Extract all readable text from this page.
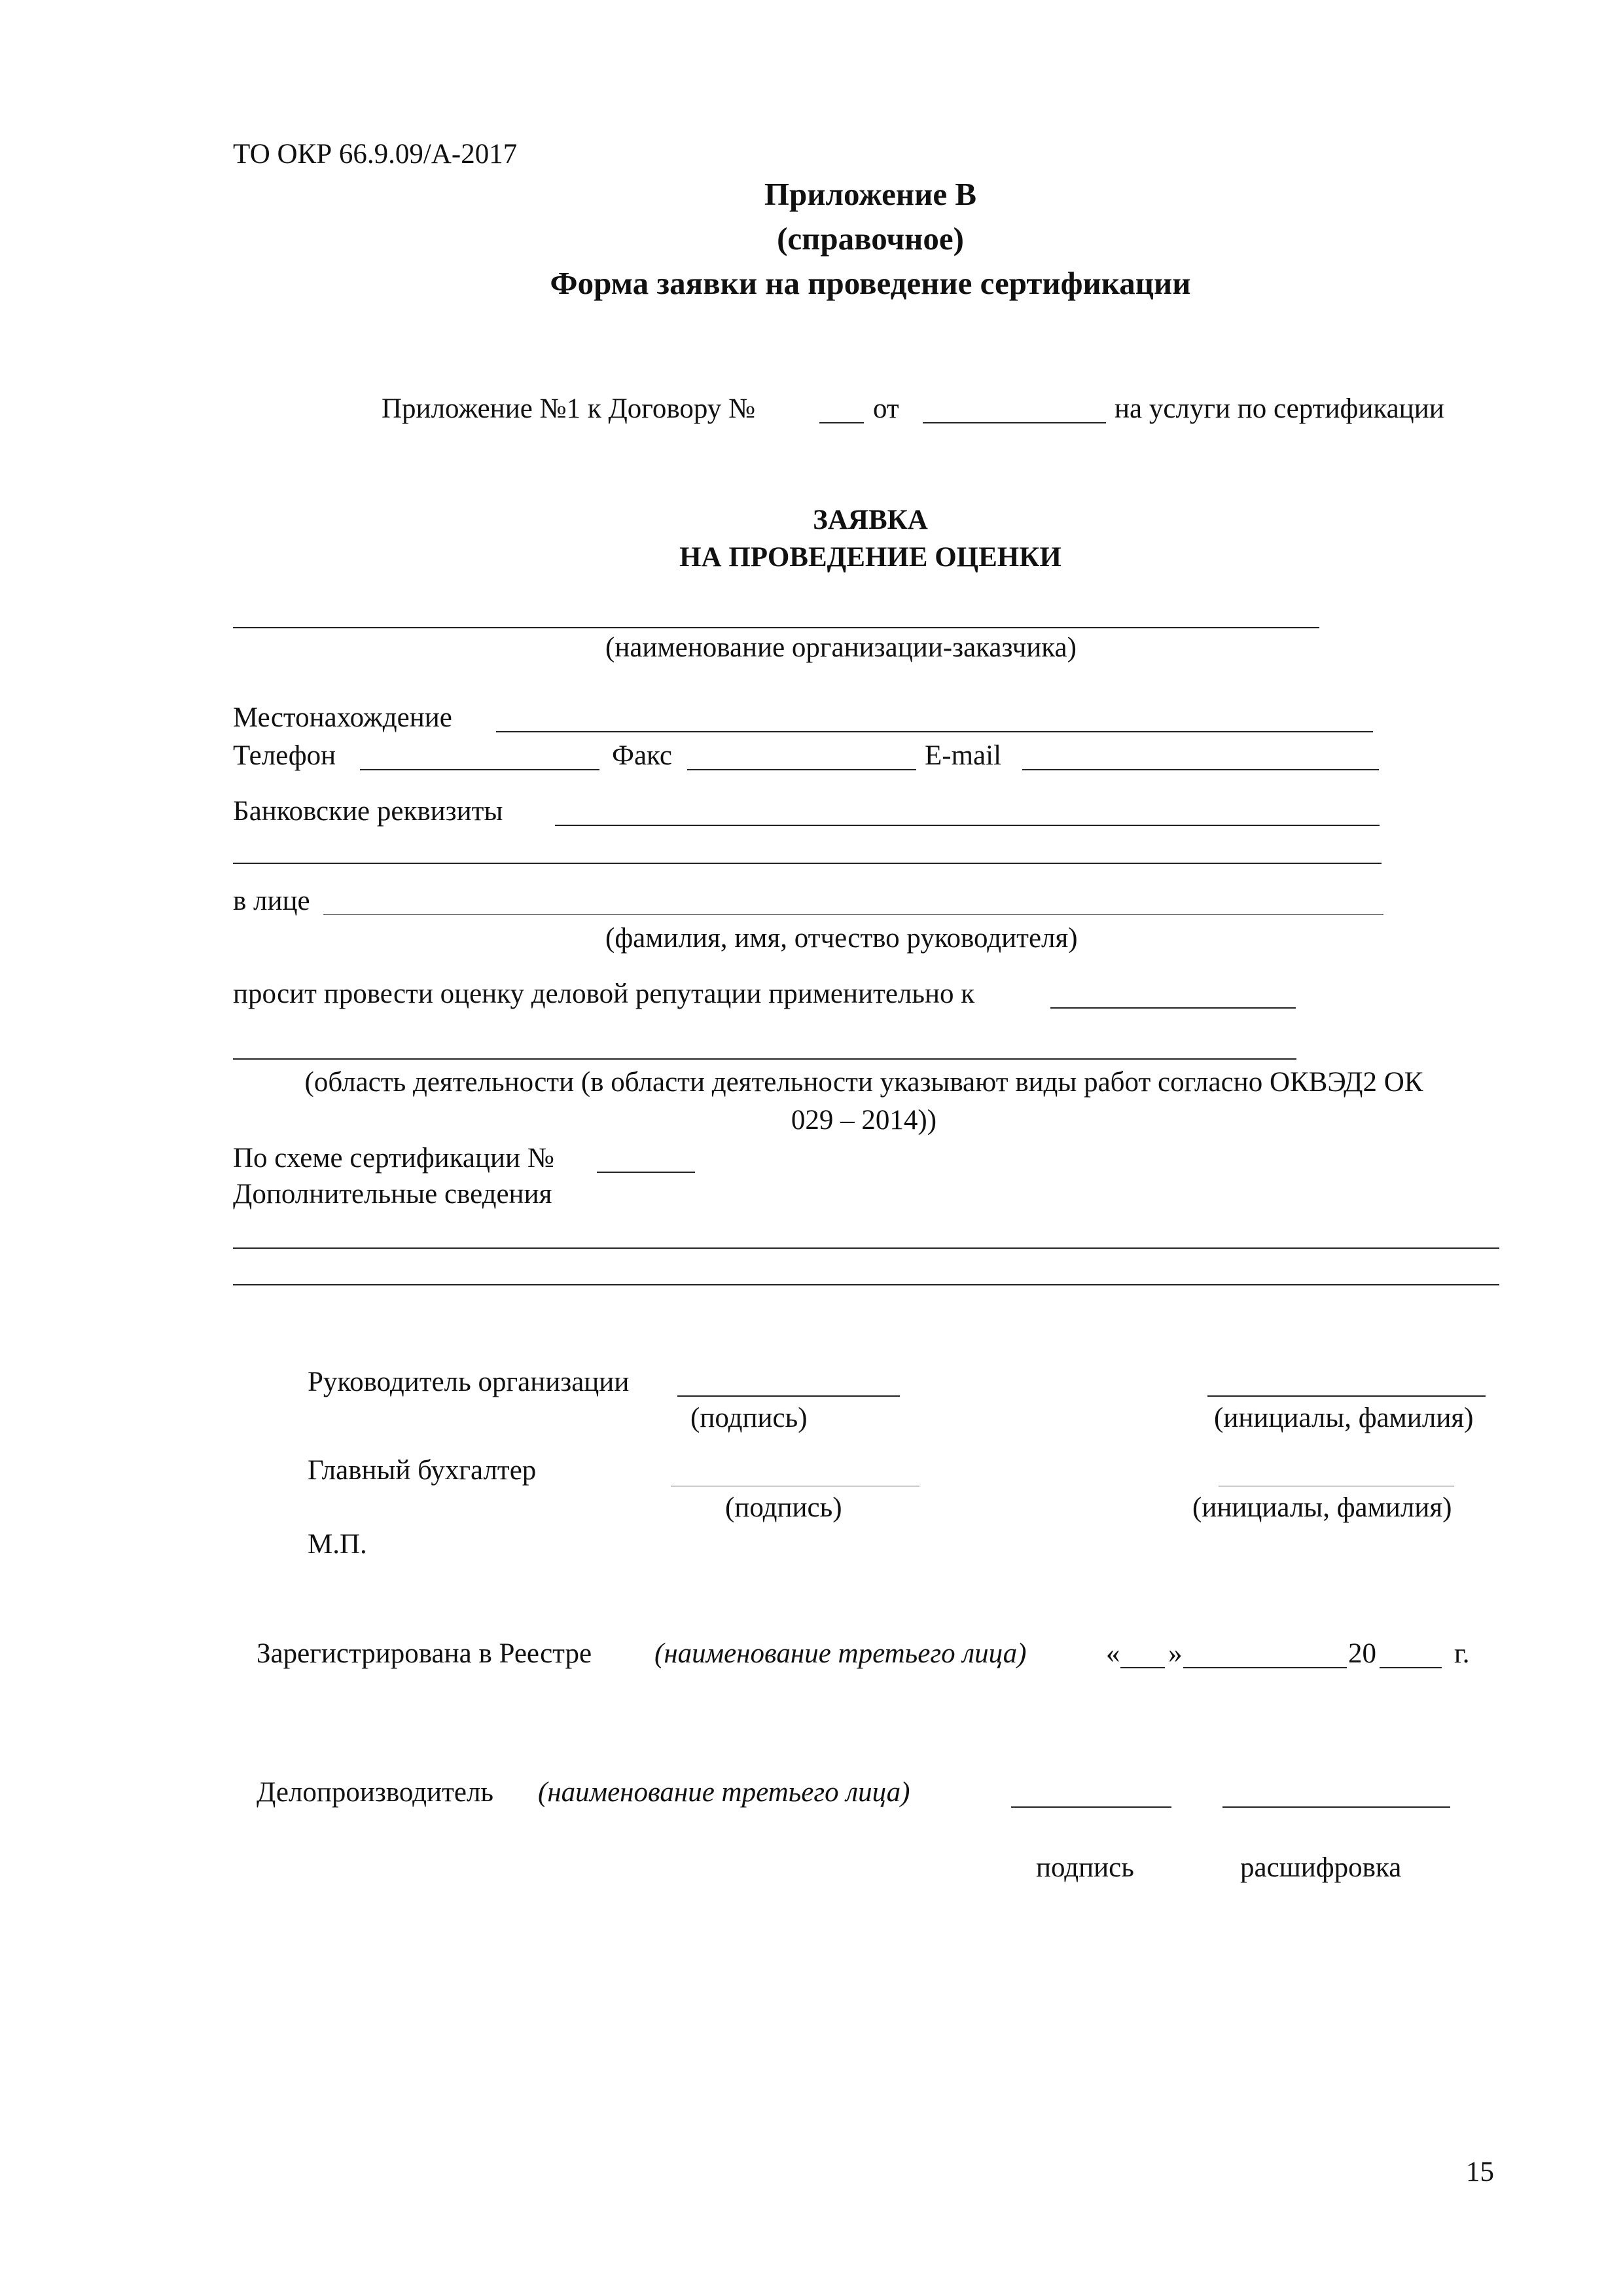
ТО ОКР 66.9.09/А-2017
Приложение В
(справочное)
Форма заявки на проведение сертификации
Приложение №1 к Договору №	от	на услуги по сертификации
ЗАЯВКА
НА ПРОВЕДЕНИЕ ОЦЕНКИ
(наименование организации-заказчика)
Местонахождение
Телефон	Факс	E-mail
Банковские реквизиты
в лице
(фамилия, имя, отчество руководителя)
просит провести оценку деловой репутации применительно к
(область деятельности (в области деятельности указывают виды работ согласно ОКВЭД2 ОК
029 – 2014))
По схеме сертификации №
Дополнительные сведения
Руководитель организации
(подпись)	(инициалы, фамилия)
Главный бухгалтер
(подпись)	(инициалы, фамилия)
М.П.
Зарегистрирована в Реестре (наименование третьего лица)	« »	20	г.
Делопроизводитель (наименование третьего лица)
подпись	расшифровка
15
